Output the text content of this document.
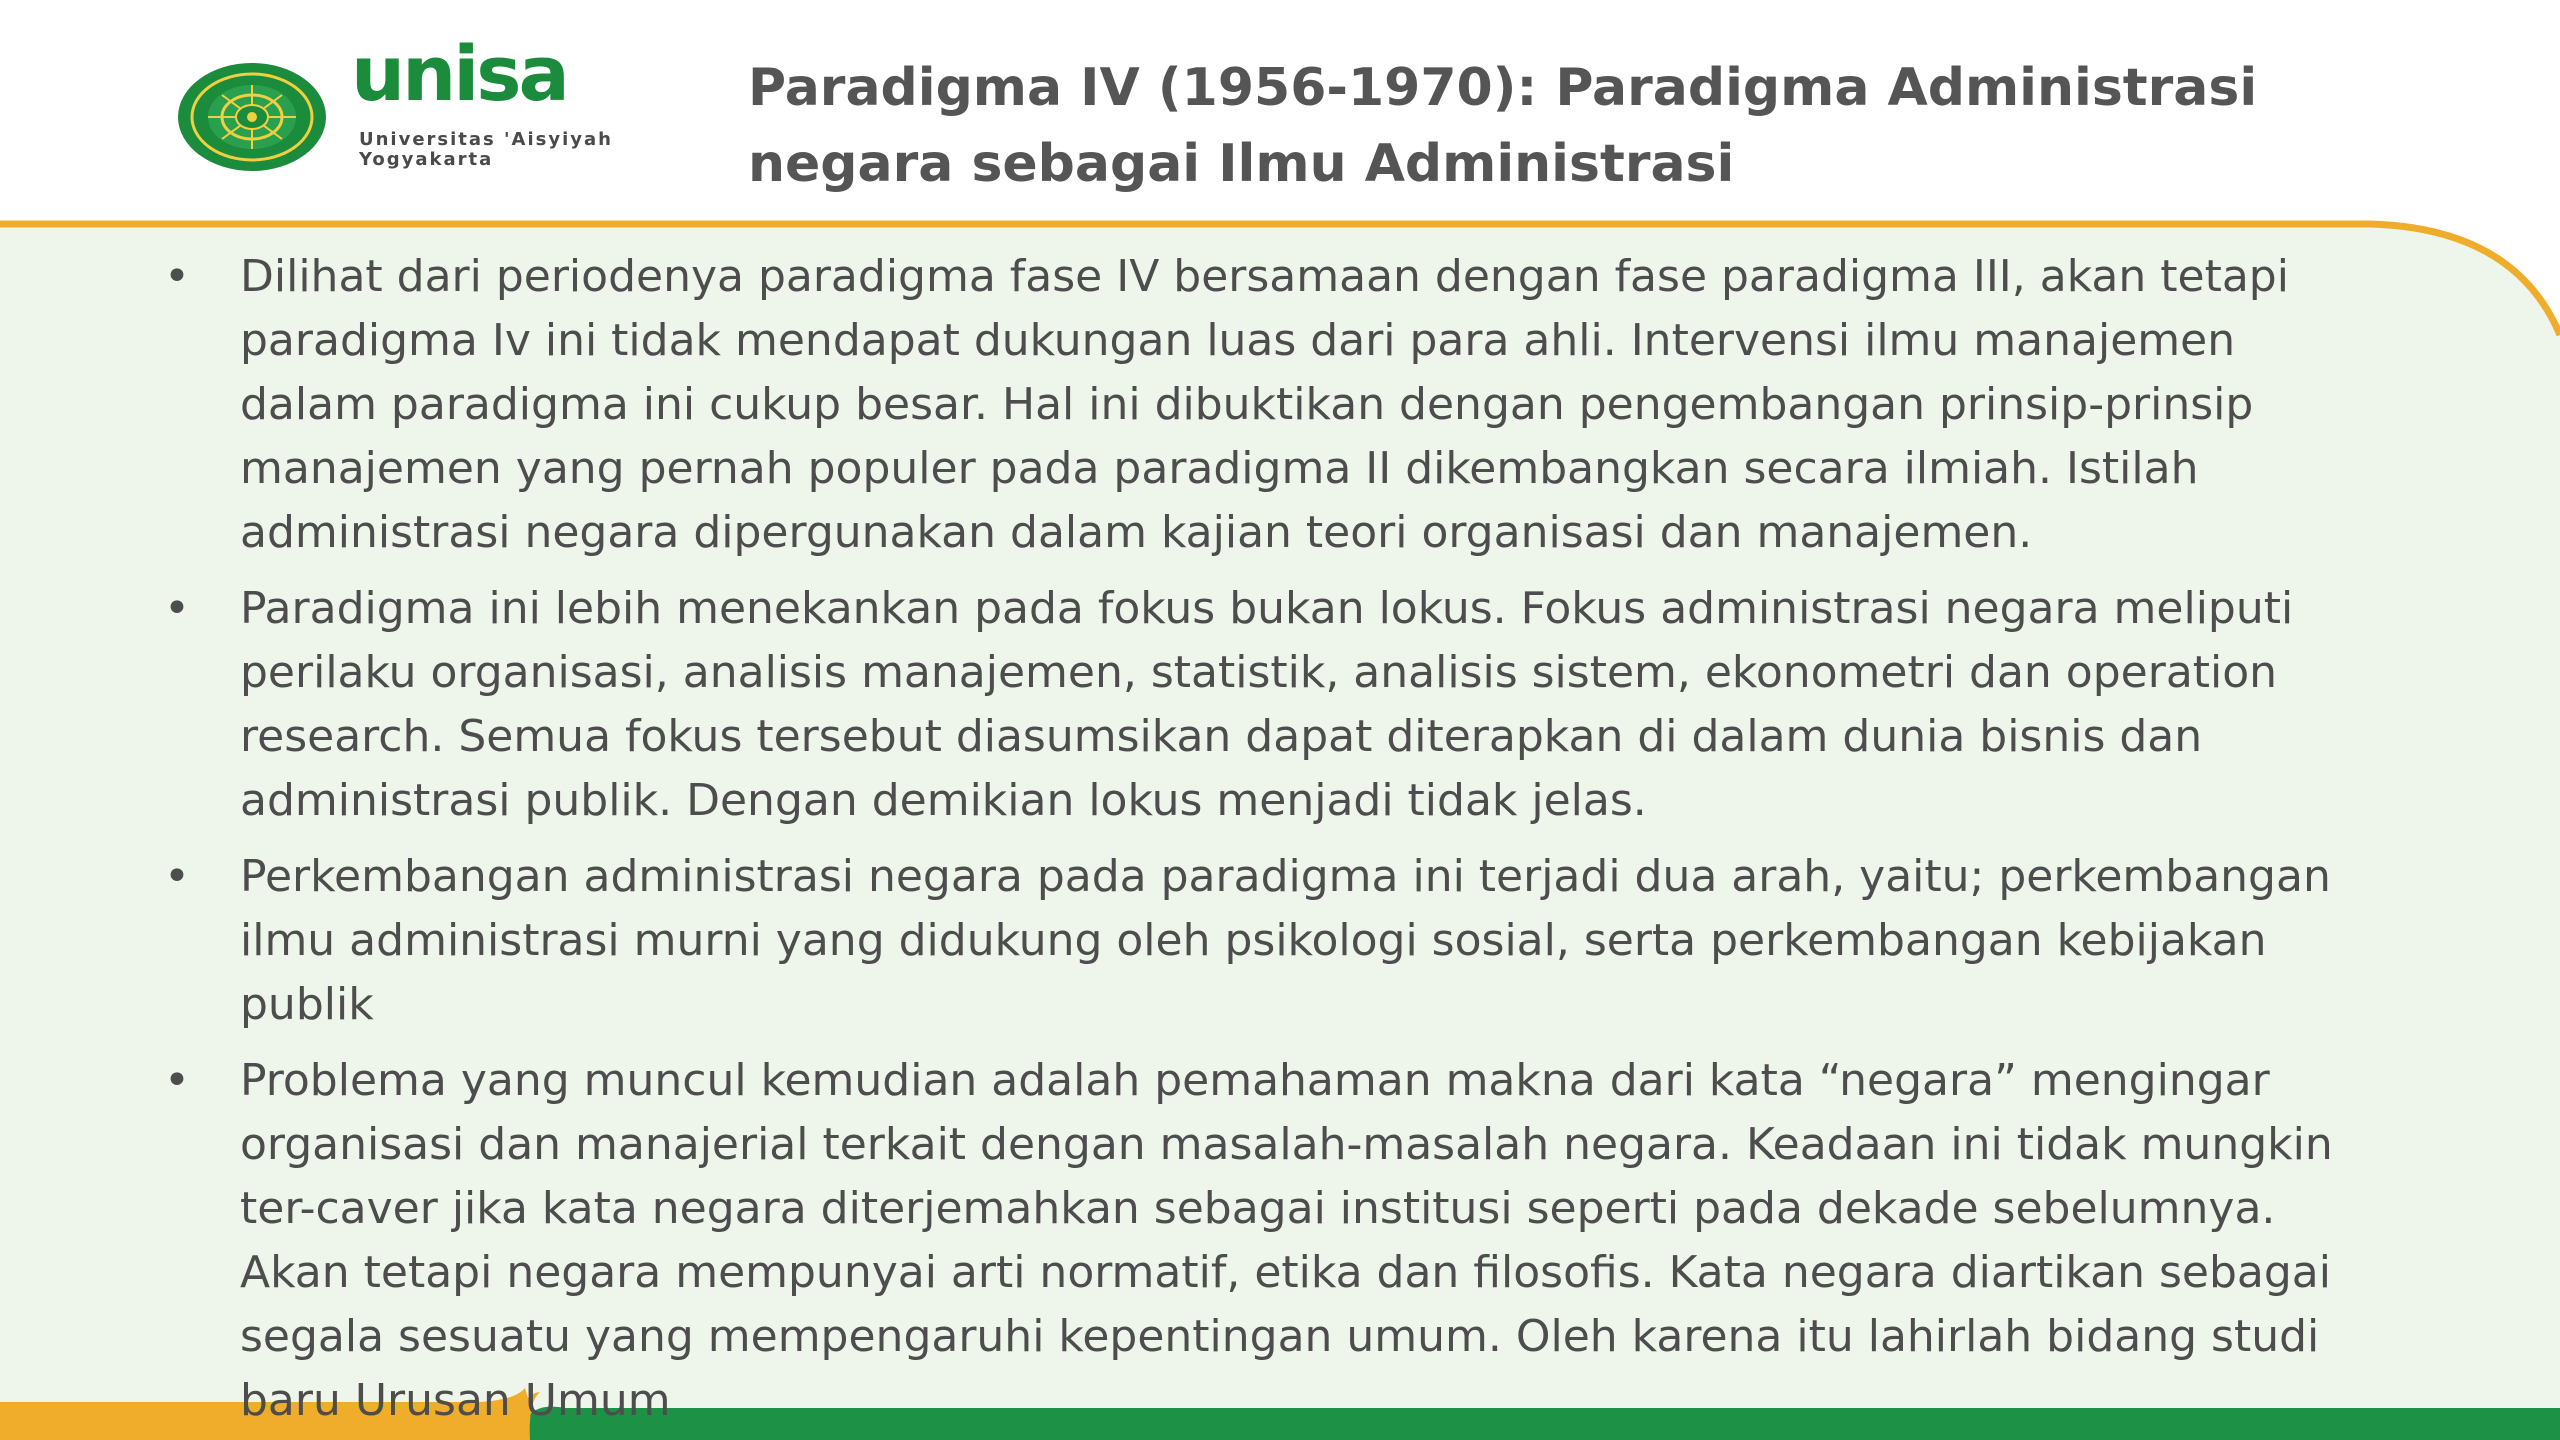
unisa
Universitas 'Aisyiyah
Yogyakarta
Paradigma IV (1956-1970): Paradigma Administrasi negara sebagai Ilmu Administrasi
• Dilihat dari periodenya paradigma fase IV bersamaan dengan fase paradigma III, akan tetapi paradigma Iv ini tidak mendapat dukungan luas dari para ahli. Intervensi ilmu manajemen dalam paradigma ini cukup besar. Hal ini dibuktikan dengan pengembangan prinsip-prinsip manajemen yang pernah populer pada paradigma II dikembangkan secara ilmiah. Istilah administrasi negara dipergunakan dalam kajian teori organisasi dan manajemen.
• Paradigma ini lebih menekankan pada fokus bukan lokus. Fokus administrasi negara meliputi perilaku organisasi, analisis manajemen, statistik, analisis sistem, ekonometri dan operation research. Semua fokus tersebut diasumsikan dapat diterapkan di dalam dunia bisnis dan administrasi publik. Dengan demikian lokus menjadi tidak jelas.
• Perkembangan administrasi negara pada paradigma ini terjadi dua arah, yaitu; perkembangan ilmu administrasi murni yang didukung oleh psikologi sosial, serta perkembangan kebijakan publik
• Problema yang muncul kemudian adalah pemahaman makna dari kata “negara” mengingar organisasi dan manajerial terkait dengan masalah-masalah negara. Keadaan ini tidak mungkin ter-caver jika kata negara diterjemahkan sebagai institusi seperti pada dekade sebelumnya. Akan tetapi negara mempunyai arti normatif, etika dan filosofis. Kata negara diartikan sebagai segala sesuatu yang mempengaruhi kepentingan umum. Oleh karena itu lahirlah bidang studi baru Urusan Umum
